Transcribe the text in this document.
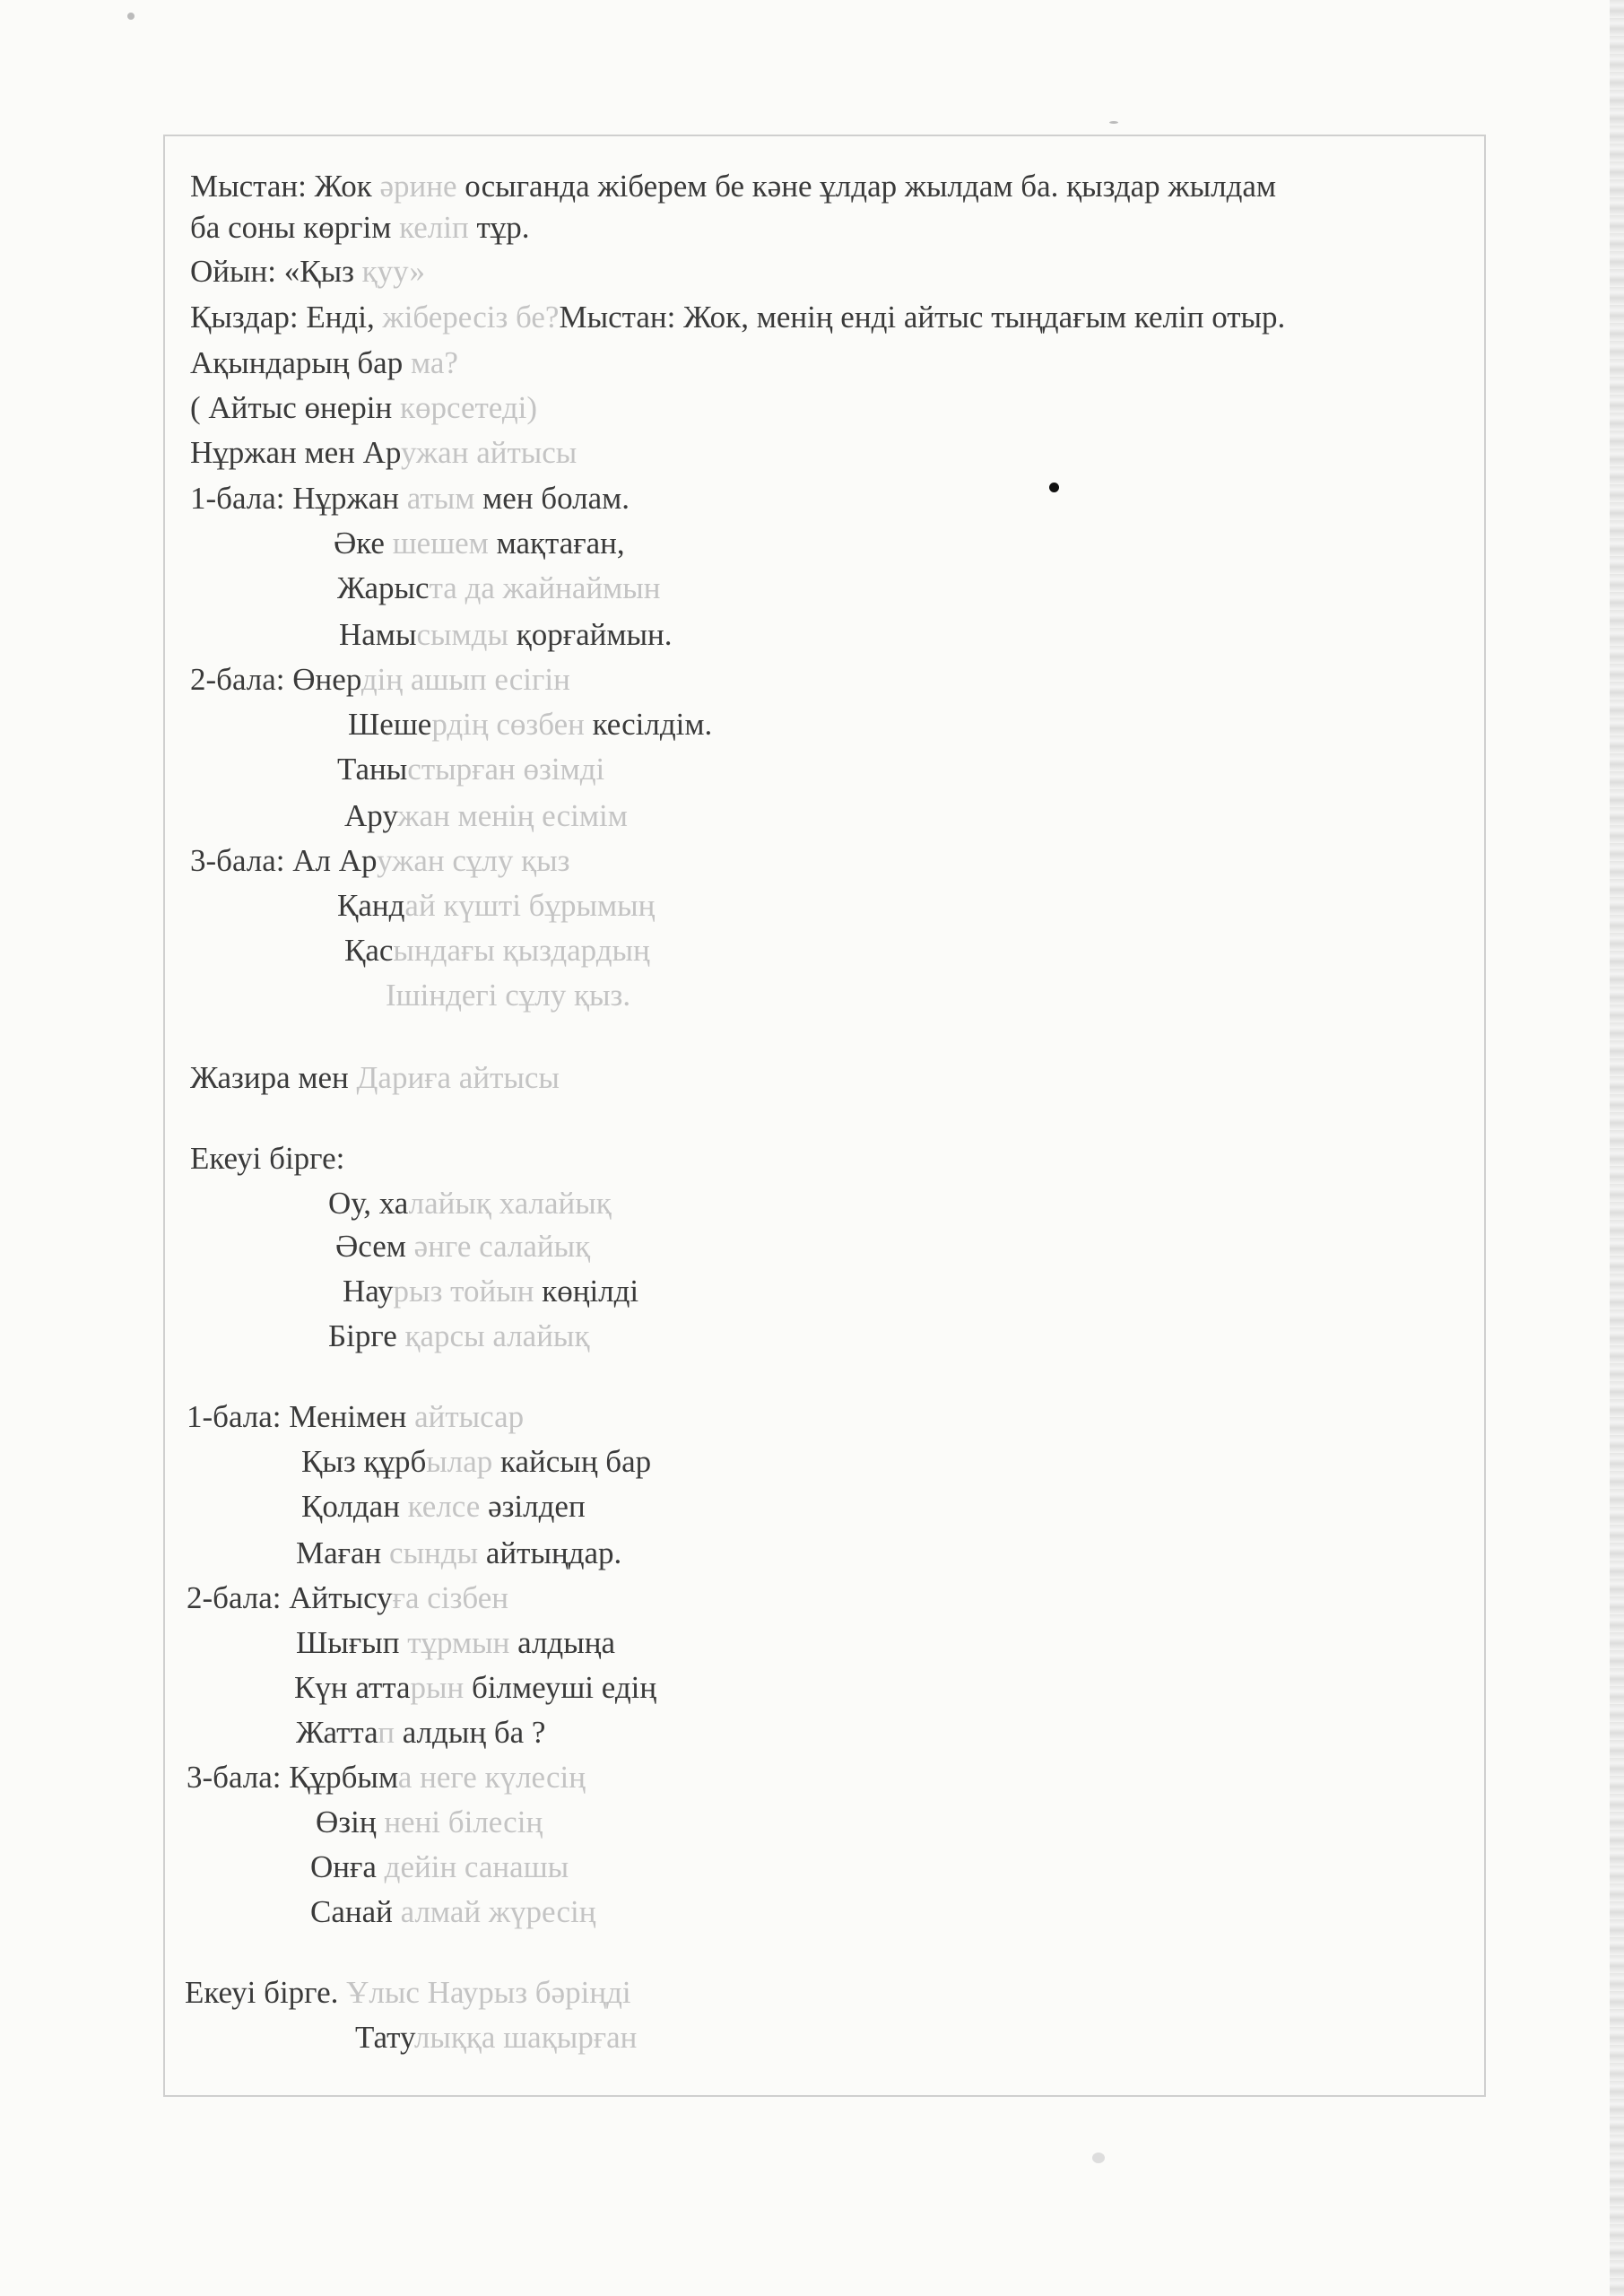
Мыстан: Жок әрине осыганда жіберем бе кәне ұлдар жылдам ба. қыздар жылдам
ба соны көргім келіп тұр.
Ойын: «Қыз қуу»
Қыздар: Енді, жібересіз бе?Мыстан: Жок, менің енді айтыс тыңдағым келіп отыр.
Ақындарың бар ма?
( Айтыс өнерін көрсетеді)
Нұржан мен Аружан айтысы
1-бала: Нұржан атым мен болам.
Әке шешем мақтаған,
Жарыста да жайнаймын
Намысымды қорғаймын.
2-бала: Өнердің ашып есігін
Шешердің сөзбен кесілдім.
Таныстырған өзімді
Аружан менің есімім
3-бала: Ал Аружан сұлу қыз
Қандай күшті бұрымың
Қасындағы қыздардың
Ішіндегі сұлу қыз.
Жазира мен Дариға айтысы
Екеуі бірге:
Оу, халайық халайық
Әсем әнге салайық
Наурыз тойын көңілді
Бірге қарсы алайық
1-бала: Менімен айтысар
Қыз құрбылар кайсың бар
Қолдан келсе әзілдеп
Маған сынды айтыңдар.
2-бала: Айтысуға сізбен
Шығып тұрмын алдыңа
Күн аттарын білмеуші едің
Жаттап алдың ба ?
3-бала: Құрбыма неге күлесің
Өзің нені білесің
Онға дейін санашы
Санай алмай жүресің
Екеуі бірге. Ұлыс Наурыз бәріңді
Татулыққа шақырған
